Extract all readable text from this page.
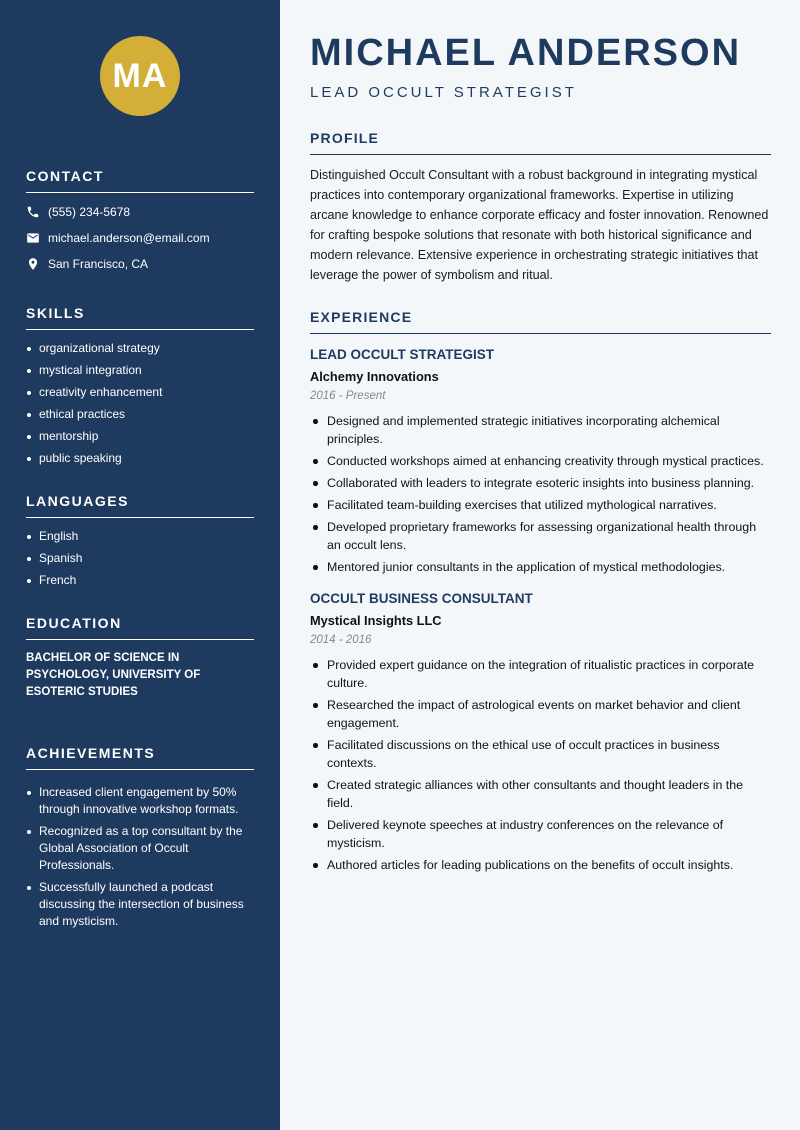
MA
CONTACT
(555) 234-5678
michael.anderson@email.com
San Francisco, CA
SKILLS
organizational strategy
mystical integration
creativity enhancement
ethical practices
mentorship
public speaking
LANGUAGES
English
Spanish
French
EDUCATION

BACHELOR OF SCIENCE IN PSYCHOLOGY, UNIVERSITY OF ESOTERIC STUDIES

ACHIEVEMENTS
Increased client engagement by 50% through innovative workshop formats.
Recognized as a top consultant by the Global Association of Occult Professionals.
Successfully launched a podcast discussing the intersection of business and mysticism.
MICHAEL ANDERSON

LEAD OCCULT STRATEGIST

PROFILE

Distinguished Occult Consultant with a robust background in integrating mystical practices into contemporary organizational frameworks. Expertise in utilizing arcane knowledge to enhance corporate efficacy and foster innovation. Renowned for crafting bespoke solutions that resonate with both historical significance and modern relevance. Extensive experience in orchestrating strategic initiatives that leverage the power of symbolism and ritual.

EXPERIENCE

LEAD OCCULT STRATEGIST

Alchemy Innovations

2016 - Present

Designed and implemented strategic initiatives incorporating alchemical principles.
Conducted workshops aimed at enhancing creativity through mystical practices.
Collaborated with leaders to integrate esoteric insights into business planning.
Facilitated team-building exercises that utilized mythological narratives.
Developed proprietary frameworks for assessing organizational health through an occult lens.
Mentored junior consultants in the application of mystical methodologies.

OCCULT BUSINESS CONSULTANT

Mystical Insights LLC

2014 - 2016

Provided expert guidance on the integration of ritualistic practices in corporate culture.
Researched the impact of astrological events on market behavior and client engagement.
Facilitated discussions on the ethical use of occult practices in business contexts.
Created strategic alliances with other consultants and thought leaders in the field.
Delivered keynote speeches at industry conferences on the relevance of mysticism.
Authored articles for leading publications on the benefits of occult insights.
